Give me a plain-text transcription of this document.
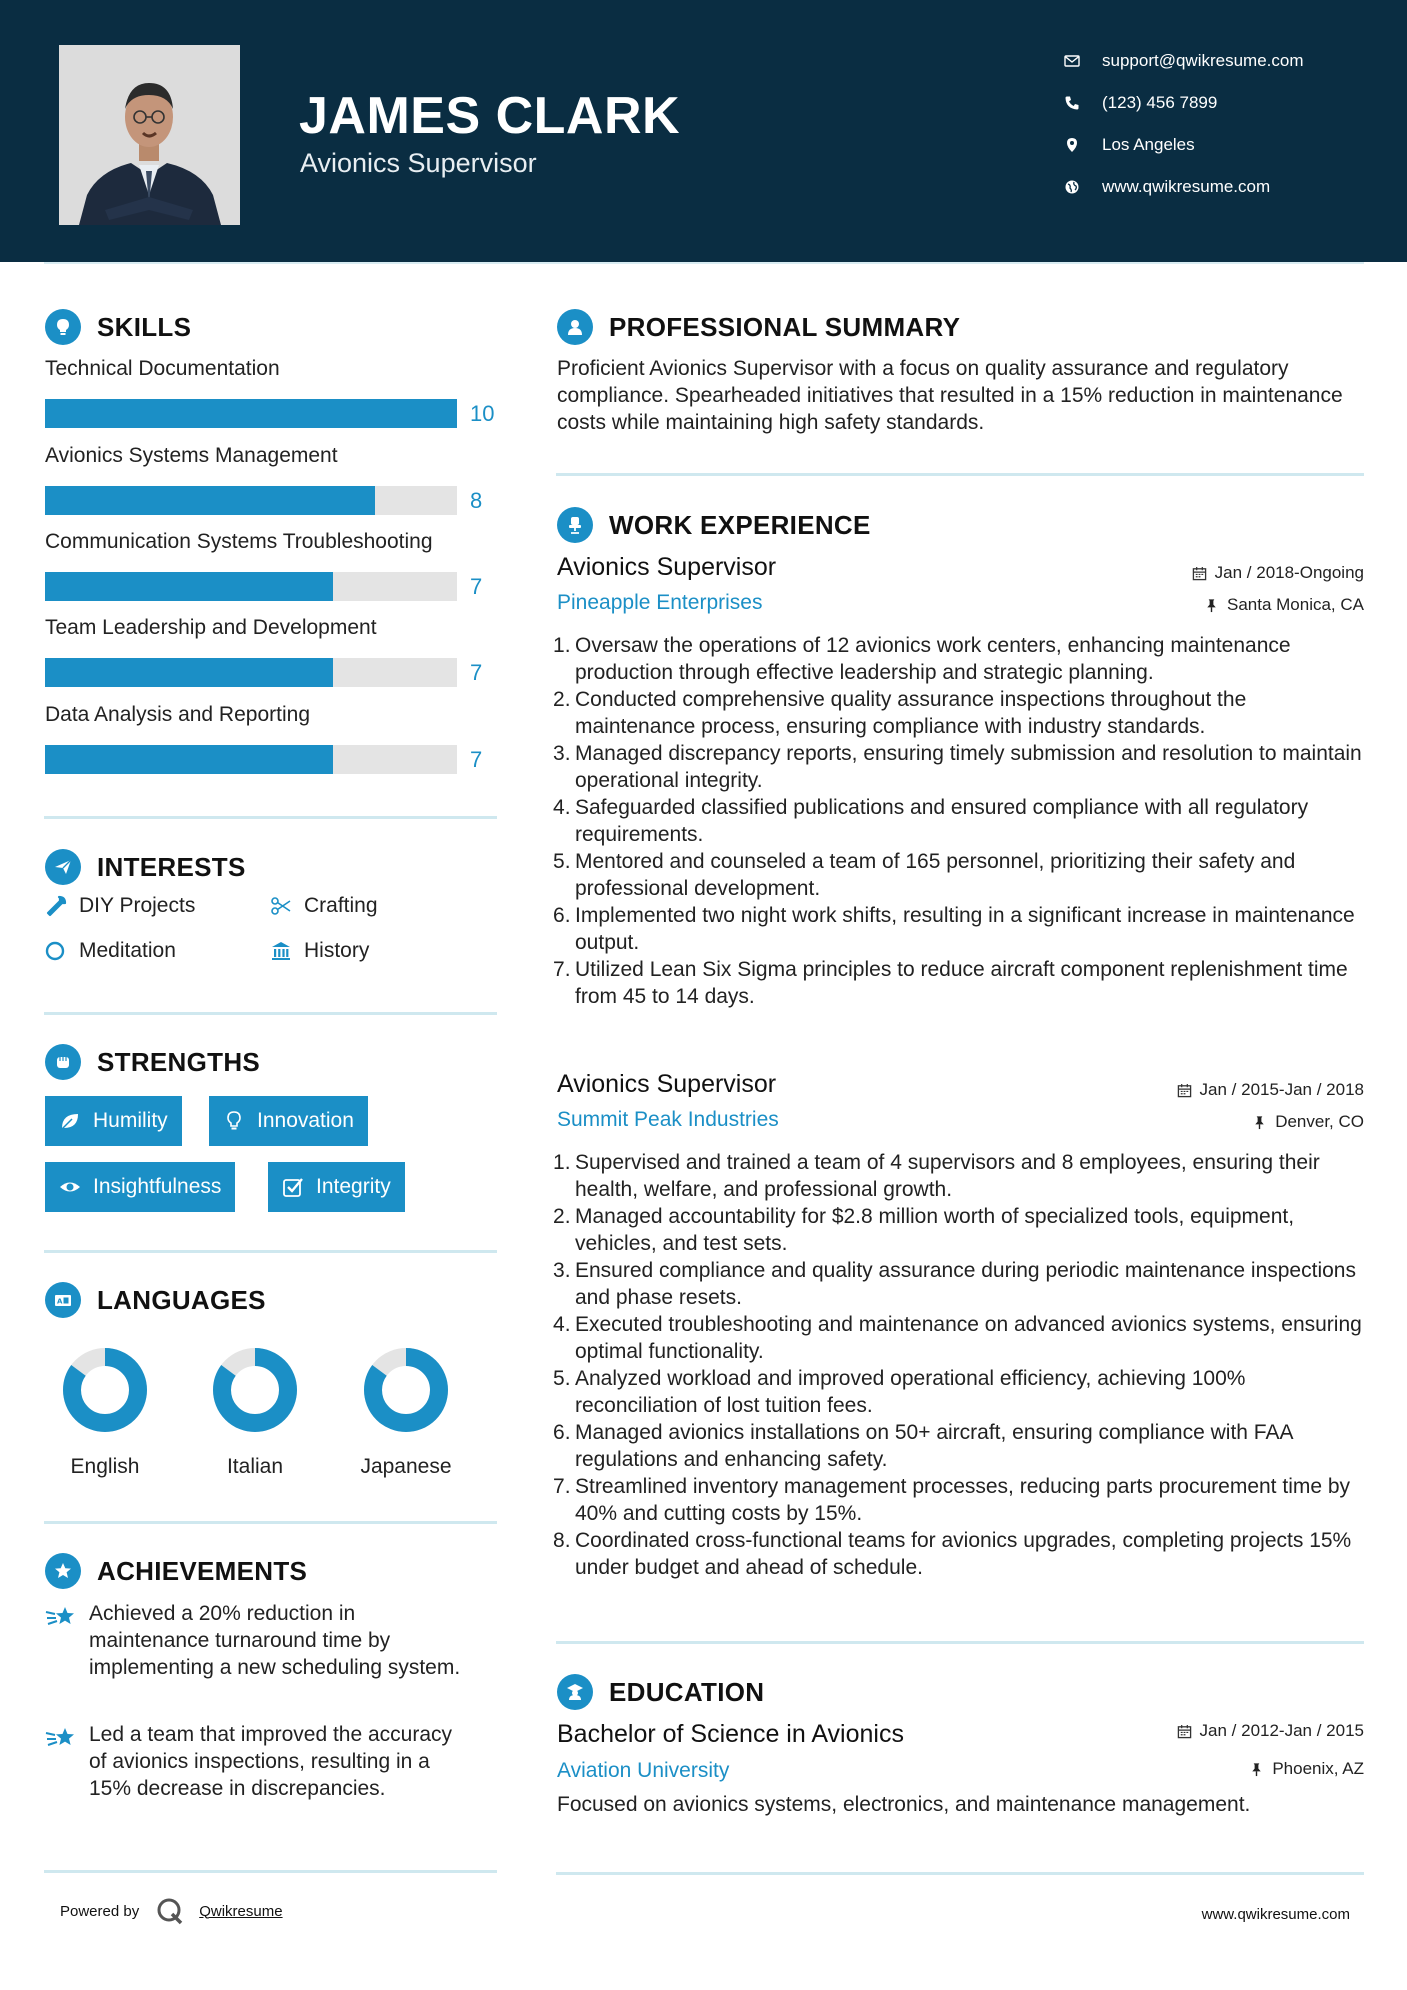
JAMES CLARK
Avionics Supervisor
support@qwikresume.com
(123) 456 7899
Los Angeles
www.qwikresume.com
SKILLS
Technical Documentation
10
Avionics Systems Management
8
Communication Systems Troubleshooting
7
Team Leadership and Development
7
Data Analysis and Reporting
7
INTERESTS
DIY Projects	Crafting
Meditation	History
STRENGTHS
Humility	Innovation
Insightfulness	Integrity
A LANGUAGES
English	Italian	Japanese
ACHIEVEMENTS
Achieved a 20% reduction in maintenance turnaround time by implementing a new scheduling system.
Led a team that improved the accuracy of avionics inspections, resulting in a 15% decrease in discrepancies.
PROFESSIONAL SUMMARY
Proficient Avionics Supervisor with a focus on quality assurance and regulatory compliance. Spearheaded initiatives that resulted in a 15% reduction in maintenance costs while maintaining high safety standards.
WORK EXPERIENCE
Avionics Supervisor	Jan / 2018-Ongoing
Pineapple Enterprises	Santa Monica, CA
Oversaw the operations of 12 avionics work centers, enhancing maintenance production through effective leadership and strategic planning.
Conducted comprehensive quality assurance inspections throughout the maintenance process, ensuring compliance with industry standards.
Managed discrepancy reports, ensuring timely submission and resolution to maintain operational integrity.
Safeguarded classified publications and ensured compliance with all regulatory requirements.
Mentored and counseled a team of 165 personnel, prioritizing their safety and professional development.
Implemented two night work shifts, resulting in a significant increase in maintenance output.
Utilized Lean Six Sigma principles to reduce aircraft component replenishment time from 45 to 14 days.
Avionics Supervisor	Jan / 2015-Jan / 2018
Summit Peak Industries	Denver, CO
Supervised and trained a team of 4 supervisors and 8 employees, ensuring their health, welfare, and professional growth.
Managed accountability for $2.8 million worth of specialized tools, equipment, vehicles, and test sets.
Ensured compliance and quality assurance during periodic maintenance inspections and phase resets.
Executed troubleshooting and maintenance on advanced avionics systems, ensuring optimal functionality.
Analyzed workload and improved operational efficiency, achieving 100% reconciliation of lost tuition fees.
Managed avionics installations on 50+ aircraft, ensuring compliance with FAA regulations and enhancing safety.
Streamlined inventory management processes, reducing parts procurement time by 40% and cutting costs by 15%.
Coordinated cross-functional teams for avionics upgrades, completing projects 15% under budget and ahead of schedule.
EDUCATION
Bachelor of Science in Avionics	Jan / 2012-Jan / 2015
Aviation University	Phoenix, AZ
Focused on avionics systems, electronics, and maintenance management.
Powered by	Qwikresume	www.qwikresume.com
